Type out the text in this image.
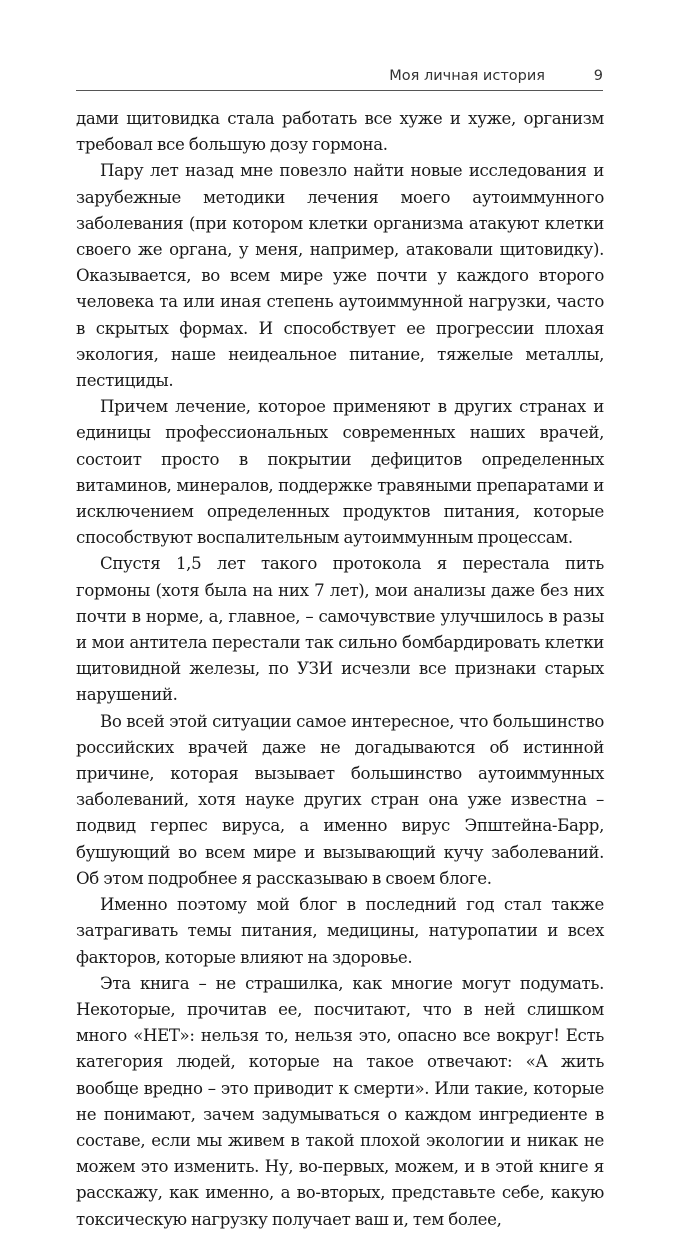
Моя личная история	9

дами щитовидка стала работать все хуже и хуже, организм требовал все большую дозу гормона.

Пару лет назад мне повезло найти новые исследования и зарубежные методики лечения моего аутоиммунного заболевания (при котором клетки организма атакуют клетки своего же органа, у меня, например, атаковали щитовидку). Оказывается, во всем мире уже почти у каждого второго человека та или иная степень аутоиммунной нагрузки, часто в скрытых формах. И способствует ее прогрессии плохая экология, наше неидеальное питание, тяжелые металлы, пестициды.

Причем лечение, которое применяют в других странах и единицы профессиональных современных наших врачей, состоит просто в покрытии дефицитов определенных витаминов, минералов, поддержке травяными препаратами и исключением определенных продуктов питания, которые способствуют воспалительным аутоиммунным процессам.

Спустя 1,5 лет такого протокола я перестала пить гормоны (хотя была на них 7 лет), мои анализы даже без них почти в норме, а, главное, – самочувствие улучшилось в разы и мои антитела перестали так сильно бомбардировать клетки щитовидной железы, по УЗИ исчезли все признаки старых нарушений.

Во всей этой ситуации самое интересное, что большинство российских врачей даже не догадываются об истинной причине, которая вызывает большинство аутоиммунных заболеваний, хотя науке других стран она уже известна – подвид герпес вируса, а именно вирус Эпштейна-Барр, бушующий во всем мире и вызывающий кучу заболеваний. Об этом подробнее я рассказываю в своем блоге.

Именно поэтому мой блог в последний год стал также затрагивать темы питания, медицины, натуропатии и всех факторов, которые влияют на здоровье.

Эта книга – не страшилка, как многие могут подумать. Некоторые, прочитав ее, посчитают, что в ней слишком много «НЕТ»: нельзя то, нельзя это, опасно все вокруг! Есть категория людей, которые на такое отвечают: «А жить вообще вредно – это приводит к смерти». Или такие, которые не понимают, зачем задумываться о каждом ингредиенте в составе, если мы живем в такой плохой экологии и никак не можем это изменить. Ну, во-первых, можем, и в этой книге я расскажу, как именно, а во-вторых, представьте себе, какую токсическую нагрузку получает ваш и, тем более,
